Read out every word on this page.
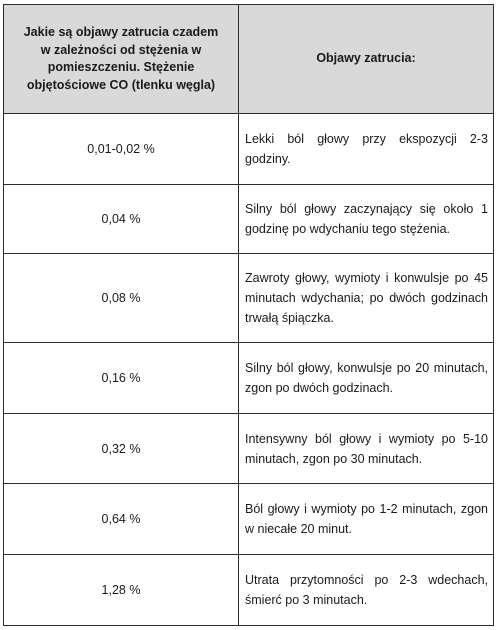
Jakie są objawy zatrucia czadem w zależności od stężenia w pomieszczeniu. Stężenie objętościowe CO (tlenku węgla)	Objawy zatrucia:
0,01-0,02 %	Lekki ból głowy przy ekspozycji 2-3 godziny.

0,04 %	Silny ból głowy zaczynający się około 1 godzinę po wdychaniu tego stężenia.

0,08 %	Zawroty głowy, wymioty i konwulsje po 45 minutach wdychania; po dwóch godzinach trwałą śpiączka.

0,16 %	Silny ból głowy, konwulsje po 20 minutach, zgon po dwóch godzinach.

0,32 %	Intensywny ból głowy i wymioty po 5-10 minutach, zgon po 30 minutach.

0,64 %	Ból głowy i wymioty po 1-2 minutach, zgon w niecałe 20 minut.

1,28 %	Utrata przytomności po 2-3 wdechach, śmierć po 3 minutach.
